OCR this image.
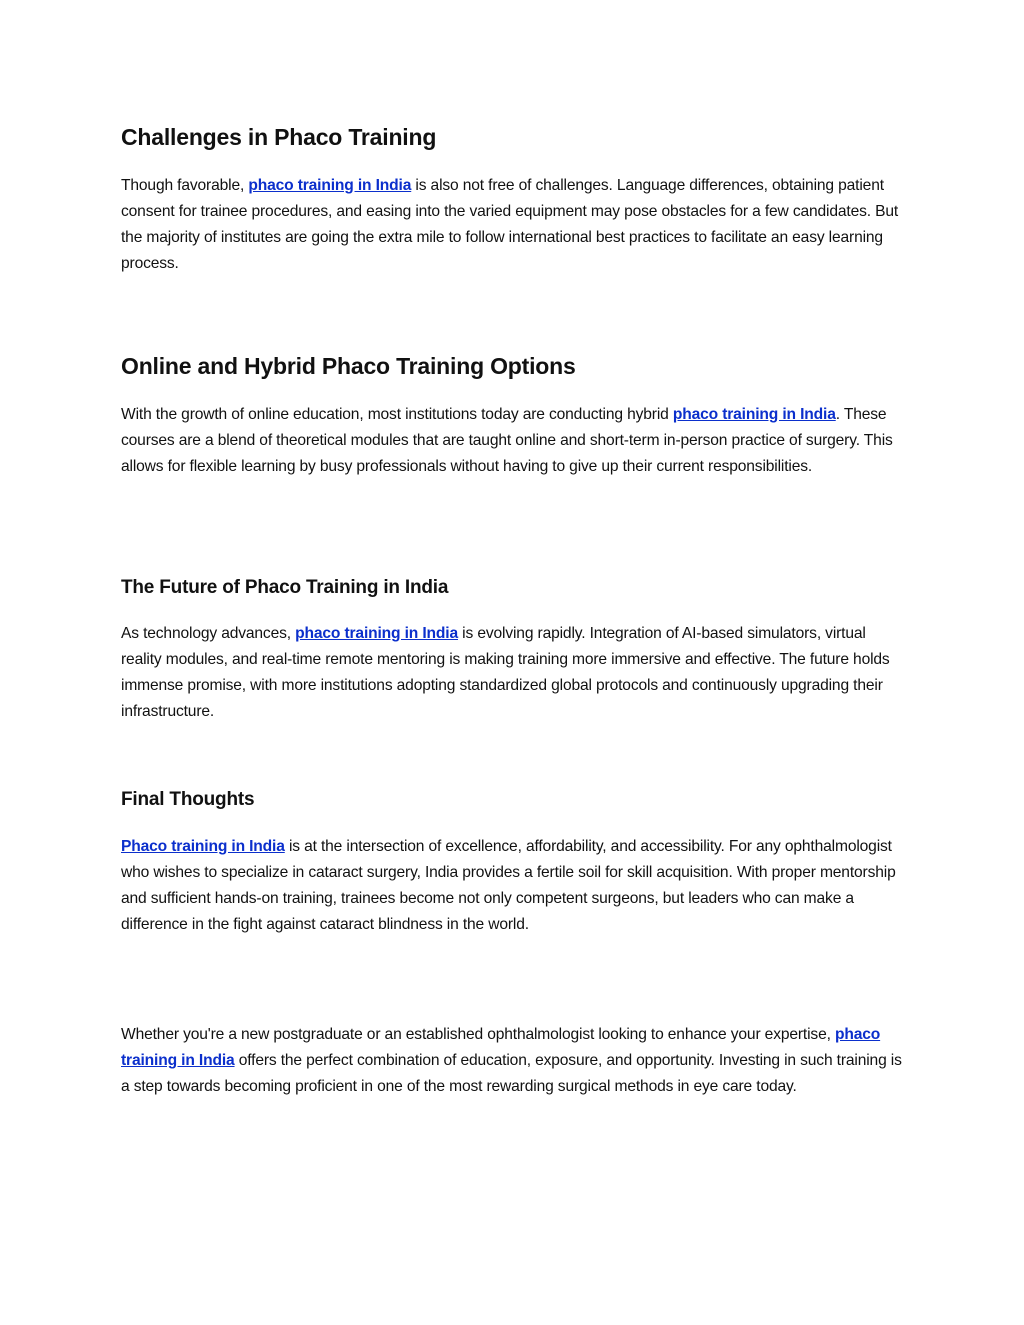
Challenges in Phaco Training

Though favorable, phaco training in India is also not free of challenges. Language differences, obtaining patient consent for trainee procedures, and easing into the varied equipment may pose obstacles for a few candidates. But the majority of institutes are going the extra mile to follow international best practices to facilitate an easy learning process.

Online and Hybrid Phaco Training Options

With the growth of online education, most institutions today are conducting hybrid phaco training in India. These courses are a blend of theoretical modules that are taught online and short-term in-person practice of surgery. This allows for flexible learning by busy professionals without having to give up their current responsibilities.

The Future of Phaco Training in India

As technology advances, phaco training in India is evolving rapidly. Integration of AI-based simulators, virtual reality modules, and real-time remote mentoring is making training more immersive and effective. The future holds immense promise, with more institutions adopting standardized global protocols and continuously upgrading their infrastructure.

Final Thoughts

Phaco training in India is at the intersection of excellence, affordability, and accessibility. For any ophthalmologist who wishes to specialize in cataract surgery, India provides a fertile soil for skill acquisition. With proper mentorship and sufficient hands-on training, trainees become not only competent surgeons, but leaders who can make a difference in the fight against cataract blindness in the world.

Whether you're a new postgraduate or an established ophthalmologist looking to enhance your expertise, phaco training in India offers the perfect combination of education, exposure, and opportunity. Investing in such training is a step towards becoming proficient in one of the most rewarding surgical methods in eye care today.
